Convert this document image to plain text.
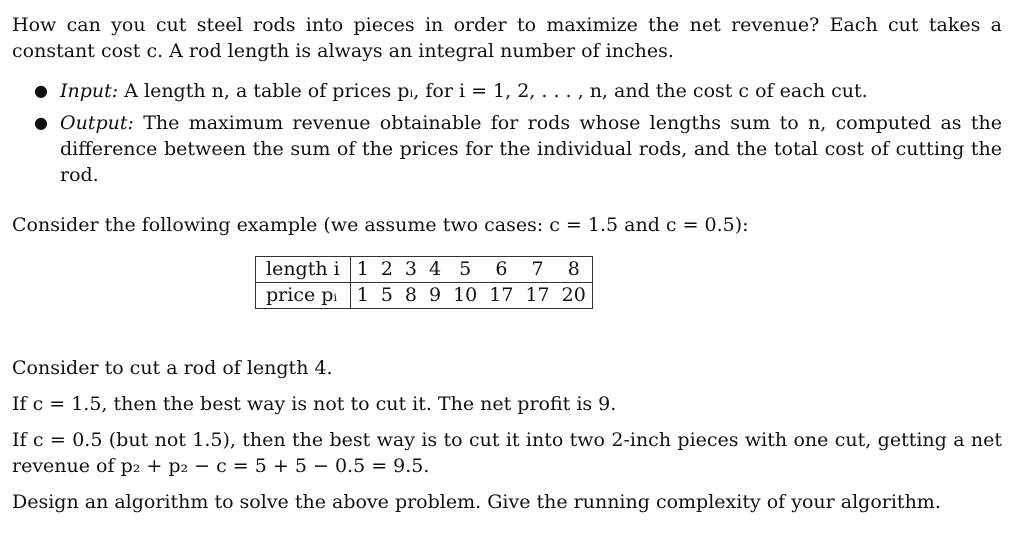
How can you cut steel rods into pieces in order to maximize the net revenue? Each cut takes a constant cost c. A rod length is always an integral number of inches.

● Input: A length n, a table of prices pᵢ, for i = 1, 2, . . . , n, and the cost c of each cut.
● Output: The maximum revenue obtainable for rods whose lengths sum to n, computed as the difference between the sum of the prices for the individual rods, and the total cost of cutting the rod.

Consider the following example (we assume two cases: c = 1.5 and c = 0.5):

length i	1	2	3	4	5	6	7	8
price pᵢ	1	5	8	9	10	17	17	20

Consider to cut a rod of length 4.

If c = 1.5, then the best way is not to cut it. The net profit is 9.

If c = 0.5 (but not 1.5), then the best way is to cut it into two 2-inch pieces with one cut, getting a net revenue of p₂ + p₂ − c = 5 + 5 − 0.5 = 9.5.

Design an algorithm to solve the above problem. Give the running complexity of your algorithm.
